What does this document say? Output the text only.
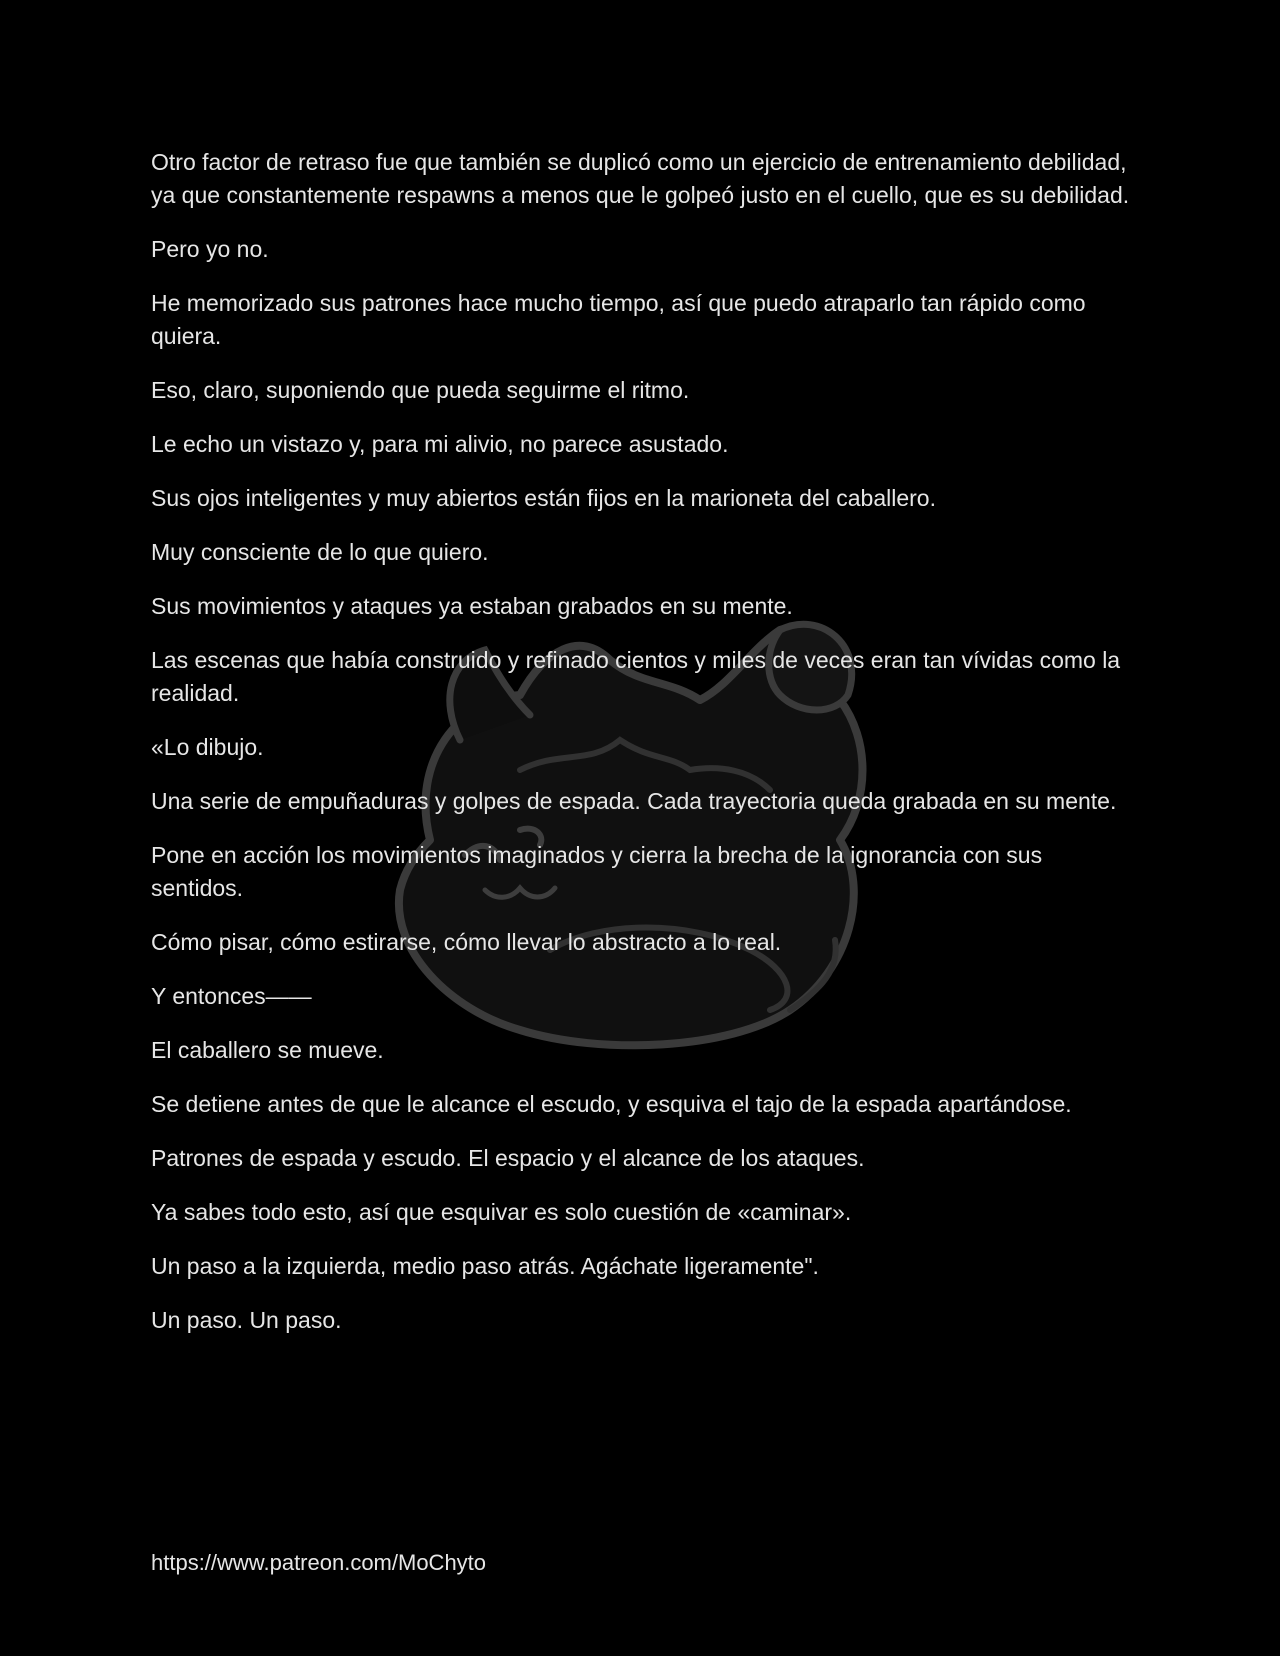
Otro factor de retraso fue que también se duplicó como un ejercicio de entrenamiento debilidad, ya que constantemente respawns a menos que le golpeó justo en el cuello, que es su debilidad.

Pero yo no.

He memorizado sus patrones hace mucho tiempo, así que puedo atraparlo tan rápido como quiera.

Eso, claro, suponiendo que pueda seguirme el ritmo.

Le echo un vistazo y, para mi alivio, no parece asustado.

Sus ojos inteligentes y muy abiertos están fijos en la marioneta del caballero.

Muy consciente de lo que quiero.

Sus movimientos y ataques ya estaban grabados en su mente.

Las escenas que había construido y refinado cientos y miles de veces eran tan vívidas como la realidad.

«Lo dibujo.

Una serie de empuñaduras y golpes de espada. Cada trayectoria queda grabada en su mente.

Pone en acción los movimientos imaginados y cierra la brecha de la ignorancia con sus sentidos.

Cómo pisar, cómo estirarse, cómo llevar lo abstracto a lo real.

Y entonces——

El caballero se mueve.

Se detiene antes de que le alcance el escudo, y esquiva el tajo de la espada apartándose.

Patrones de espada y escudo. El espacio y el alcance de los ataques.

Ya sabes todo esto, así que esquivar es solo cuestión de «caminar».

Un paso a la izquierda, medio paso atrás. Agáchate ligeramente".

Un paso. Un paso.

https://www.patreon.com/MoChyto
